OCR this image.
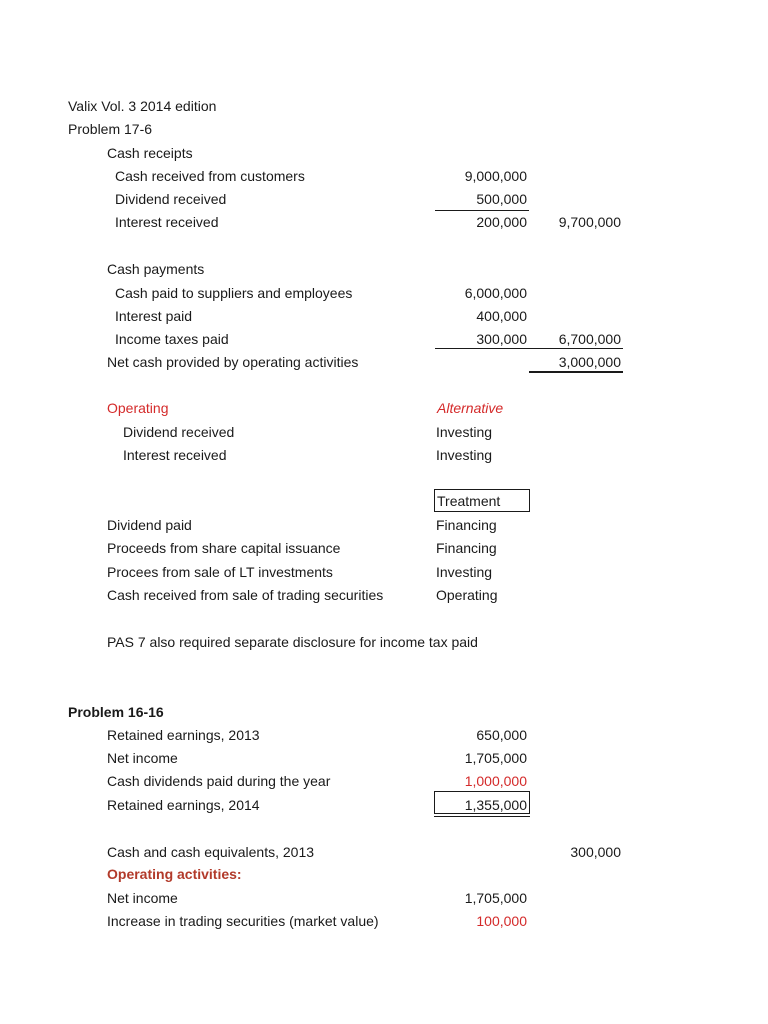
Valix Vol. 3 2014 edition
Problem 17-6
Cash receipts
Cash received from customers	9,000,000
Dividend received	500,000
Interest received	200,000 9,700,000
Cash payments
Cash paid to suppliers and employees	6,000,000
Interest paid	400,000
Income taxes paid	300,000 6,700,000
Net cash provided by operating activities	3,000,000
Operating	Alternative
Dividend received	Investing
Interest received	Investing
Treatment
Dividend paid	Financing
Proceeds from share capital issuance	Financing
Procees from sale of LT investments	Investing
Cash received from sale of trading securities	Operating
PAS 7 also required separate disclosure for income tax paid
Problem 16-16
Retained earnings, 2013	650,000
Net income	1,705,000
Cash dividends paid during the year	1,000,000
Retained earnings, 2014	1,355,000
Cash and cash equivalents, 2013	300,000
Operating activities:
Net income	1,705,000
Increase in trading securities (market value)	100,000
